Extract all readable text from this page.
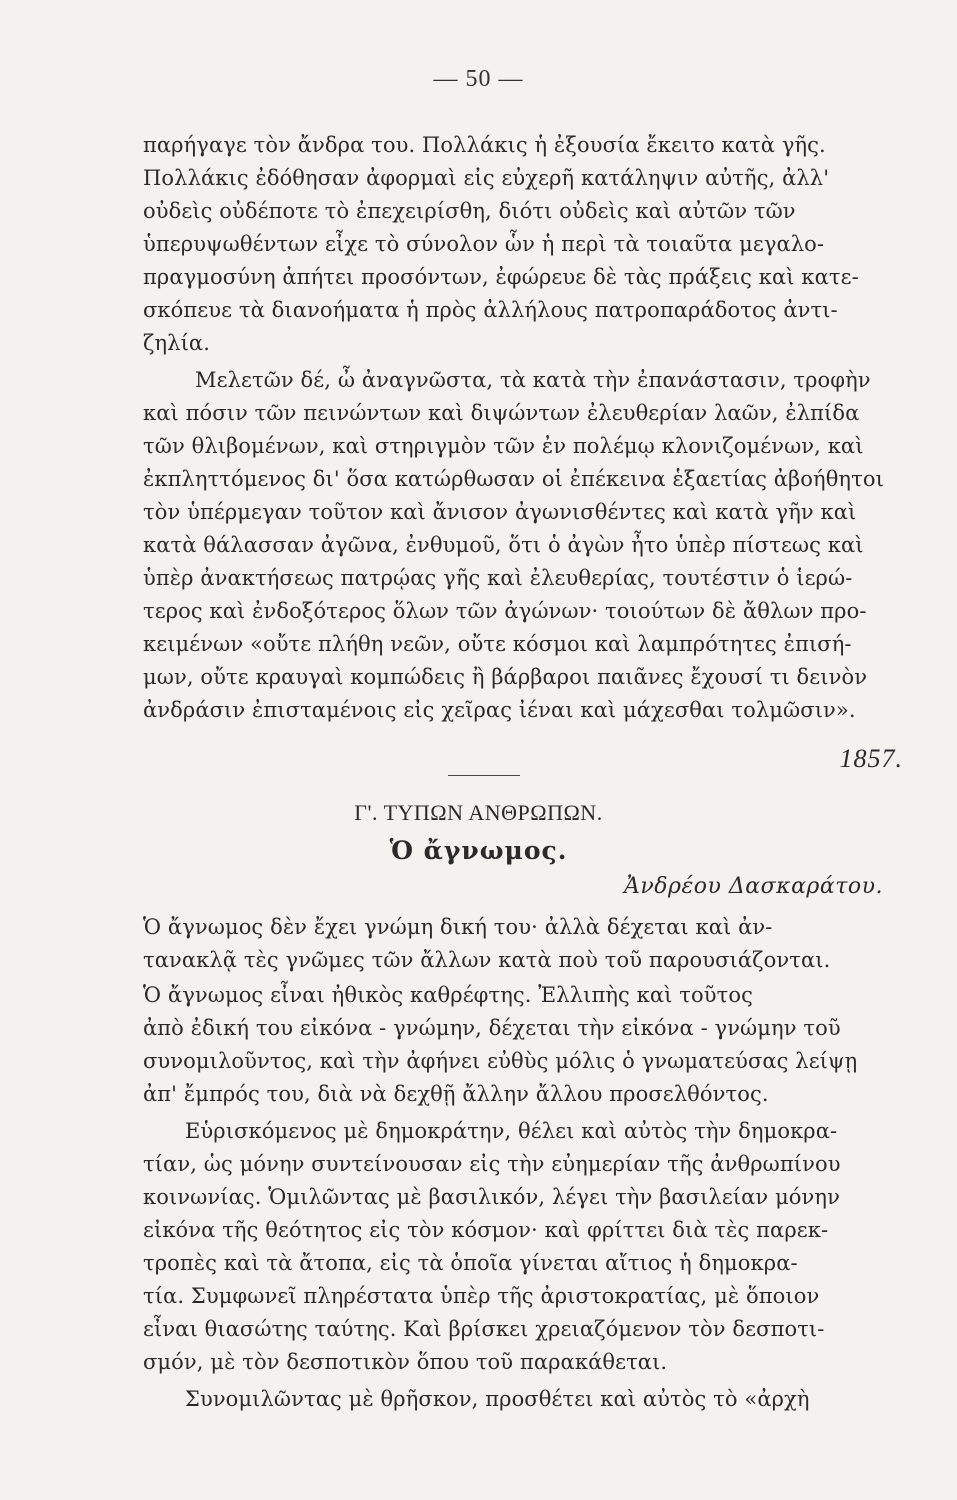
— 50 —
παρήγαγε τὸν ἄνδρα του. Πολλάκις ἡ ἐξουσία ἔκειτο κατὰ γῆς.
Πολλάκις ἐδόθησαν ἀφορμαὶ εἰς εὐχερῆ κατάληψιν αὐτῆς, ἀλλ'
οὐδεὶς οὐδέποτε τὸ ἐπεχειρίσθη, διότι οὐδεὶς καὶ αὐτῶν τῶν
ὑπερυψωθέντων εἶχε τὸ σύνολον ὧν ἡ περὶ τὰ τοιαῦτα μεγαλο-
πραγμοσύνη ἀπήτει προσόντων, ἐφώρευε δὲ τὰς πράξεις καὶ κατε-
σκόπευε τὰ διανοήματα ἡ πρὸς ἀλλήλους πατροπαράδοτος ἀντι-
ζηλία.
Μελετῶν δέ, ὦ ἀναγνῶστα, τὰ κατὰ τὴν ἐπανάστασιν, τροφὴν
καὶ πόσιν τῶν πεινώντων καὶ διψώντων ἐλευθερίαν λαῶν, ἐλπίδα
τῶν θλιβομένων, καὶ στηριγμὸν τῶν ἐν πολέμῳ κλονιζομένων, καὶ
ἐκπληττόμενος δι' ὅσα κατώρθωσαν οἱ ἐπέκεινα ἑξαετίας ἀβοήθητοι
τὸν ὑπέρμεγαν τοῦτον καὶ ἄνισον ἀγωνισθέντες καὶ κατὰ γῆν καὶ
κατὰ θάλασσαν ἀγῶνα, ἐνθυμοῦ, ὅτι ὁ ἀγὼν ἦτο ὑπὲρ πίστεως καὶ
ὑπὲρ ἀνακτήσεως πατρῴας γῆς καὶ ἐλευθερίας, τουτέστιν ὁ ἱερώ-
τερος καὶ ἐνδοξότερος ὅλων τῶν ἀγώνων· τοιούτων δὲ ἄθλων προ-
κειμένων «οὔτε πλήθη νεῶν, οὔτε κόσμοι καὶ λαμπρότητες ἐπισή-
μων, οὔτε κραυγαὶ κομπώδεις ἢ βάρβαροι παιᾶνες ἔχουσί τι δεινὸν
ἀνδράσιν ἐπισταμένοις εἰς χεῖρας ἰέναι καὶ μάχεσθαι τολμῶσιν».
Ὁ ἄγνωμος δὲν ἔχει γνώμη δική του· ἀλλὰ δέχεται καὶ ἀν-
τανακλᾷ τὲς γνῶμες τῶν ἄλλων κατὰ ποὺ τοῦ παρουσιάζονται.
Ὁ ἄγνωμος εἶναι ἠθικὸς καθρέφτης. Ἐλλιπὴς καὶ τοῦτος
ἀπὸ ἐδική του εἰκόνα - γνώμην, δέχεται τὴν εἰκόνα - γνώμην τοῦ
συνομιλοῦντος, καὶ τὴν ἀφήνει εὐθὺς μόλις ὁ γνωματεύσας λείψῃ
ἀπ' ἔμπρός του, διὰ νὰ δεχθῇ ἄλλην ἄλλου προσελθόντος.
Εὑρισκόμενος μὲ δημοκράτην, θέλει καὶ αὐτὸς τὴν δημοκρα-
τίαν, ὡς μόνην συντείνουσαν εἰς τὴν εὐημερίαν τῆς ἀνθρωπίνου
κοινωνίας. Ὁμιλῶντας μὲ βασιλικόν, λέγει τὴν βασιλείαν μόνην
εἰκόνα τῆς θεότητος εἰς τὸν κόσμον· καὶ φρίττει διὰ τὲς παρεκ-
τροπὲς καὶ τὰ ἄτοπα, εἰς τὰ ὁποῖα γίνεται αἴτιος ἡ δημοκρα-
τία. Συμφωνεῖ πληρέστατα ὑπὲρ τῆς ἀριστοκρατίας, μὲ ὅποιον
εἶναι θιασώτης ταύτης. Καὶ βρίσκει χρειαζόμενον τὸν δεσποτι-
σμόν, μὲ τὸν δεσποτικὸν ὅπου τοῦ παρακάθεται.
Συνομιλῶντας μὲ θρῆσκον, προσθέτει καὶ αὐτὸς τὸ «ἀρχὴ
1857.
Γ'. ΤΥΠΩΝ ΑΝΘΡΩΠΩΝ.
Ὁ ἄγνωμος.
Ἀνδρέου Δασκαράτου.
